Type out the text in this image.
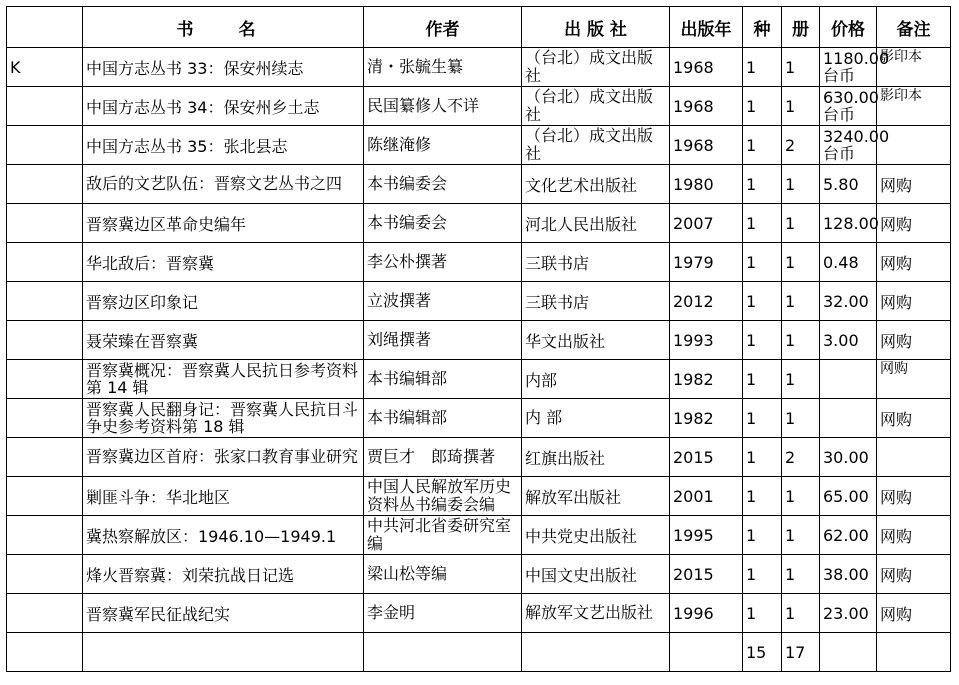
	书　名	作者	出 版 社	出版年	种	册	价格	备注
K	中国方志丛书 33：保安州续志	清・张毓生纂	（台北）成文出版社	1968	1	1	1180.00 台币	影印本
	中国方志丛书 34：保安州乡土志	民国纂修人不详	（台北）成文出版社	1968	1	1	630.00 台币	影印本
	中国方志丛书 35：张北县志	陈继淹修	（台北）成文出版社	1968	1	2	3240.00 台币	
	敌后的文艺队伍：晋察文艺丛书之四	本书编委会	文化艺术出版社	1980	1	1	5.80	网购
	晋察冀边区革命史编年	本书编委会	河北人民出版社	2007	1	1	128.00	网购
	华北敌后：晋察冀	李公朴撰著	三联书店	1979	1	1	0.48	网购
	晋察边区印象记	立波撰著	三联书店	2012	1	1	32.00	网购
	聂荣臻在晋察冀	刘绳撰著	华文出版社	1993	1	1	3.00	网购
	晋察冀概况：晋察冀人民抗日参考资料第 14 辑	本书编辑部	内部	1982	1	1		网购
	晋察冀人民翻身记：晋察冀人民抗日斗争史参考资料第 18 辑	本书编辑部	内 部	1982	1	1		网购
	晋察冀边区首府：张家口教育事业研究	贾巨才　郎琦撰著	红旗出版社	2015	1	2	30.00	
	剿匪斗争：华北地区	中国人民解放军历史资料丛书编委会编	解放军出版社	2001	1	1	65.00	网购
	冀热察解放区：1946.10—1949.1	中共河北省委研究室编	中共党史出版社	1995	1	1	62.00	网购
	烽火晋察冀：刘荣抗战日记选	梁山松等编	中国文史出版社	2015	1	1	38.00	网购
	晋察冀军民征战纪实	李金明	解放军文艺出版社	1996	1	1	23.00	网购
					15	17		
